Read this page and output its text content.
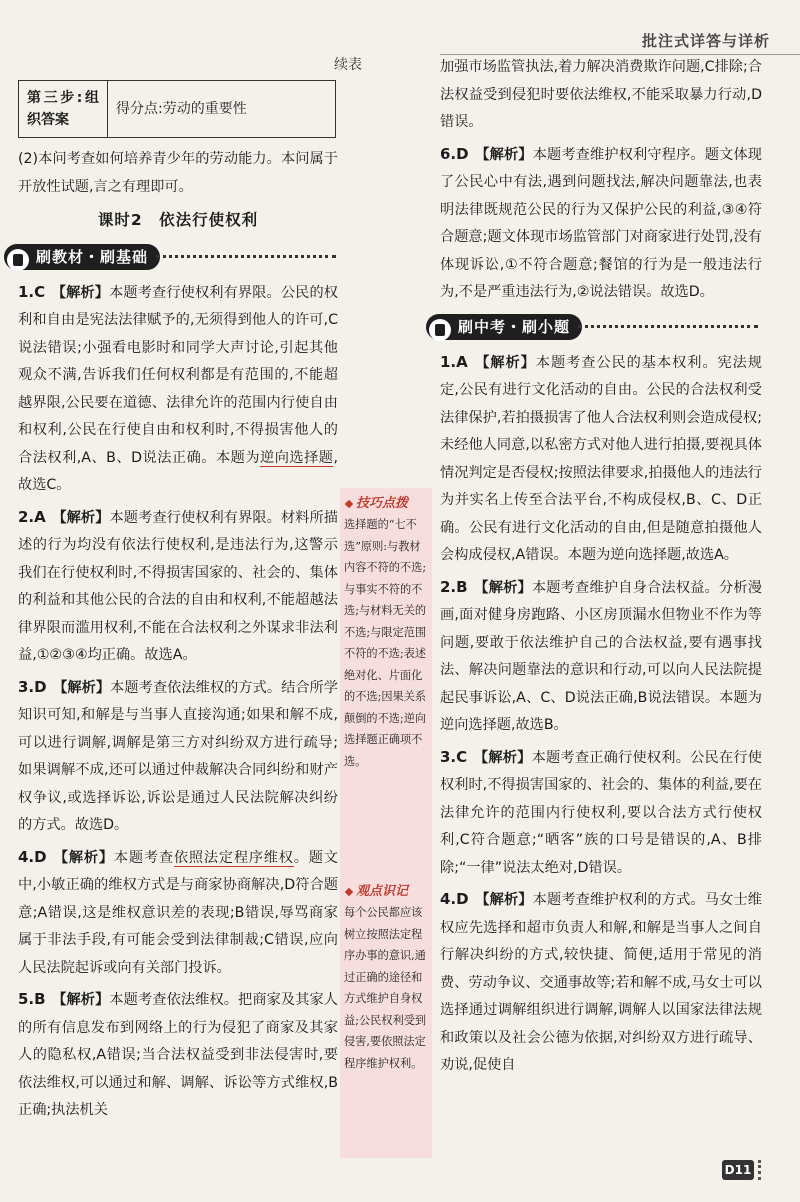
批注式详答与详析
续表
第三步:组织答案	得分点:劳动的重要性
(2)本问考查如何培养青少年的劳动能力。本问属于开放性试题,言之有理即可。
课时2　依法行使权利
刷教材・刷基础
1.C 【解析】本题考查行使权利有界限。公民的权利和自由是宪法法律赋予的,无须得到他人的许可,C说法错误;小强看电影时和同学大声讨论,引起其他观众不满,告诉我们任何权利都是有范围的,不能超越界限,公民要在道德、法律允许的范围内行使自由和权利,公民在行使自由和权利时,不得损害他人的合法权利,A、B、D说法正确。本题为逆向选择题,故选C。
2.A 【解析】本题考查行使权利有界限。材料所描述的行为均没有依法行使权利,是违法行为,这警示我们在行使权利时,不得损害国家的、社会的、集体的利益和其他公民的合法的自由和权利,不能超越法律界限而滥用权利,不能在合法权利之外谋求非法利益,①②③④均正确。故选A。
3.D 【解析】本题考查依法维权的方式。结合所学知识可知,和解是与当事人直接沟通;如果和解不成,可以进行调解,调解是第三方对纠纷双方进行疏导;如果调解不成,还可以通过仲裁解决合同纠纷和财产权争议,或选择诉讼,诉讼是通过人民法院解决纠纷的方式。故选D。
4.D 【解析】本题考查依照法定程序维权。题文中,小敏正确的维权方式是与商家协商解决,D符合题意;A错误,这是维权意识差的表现;B错误,辱骂商家属于非法手段,有可能会受到法律制裁;C错误,应向人民法院起诉或向有关部门投诉。
5.B 【解析】本题考查依法维权。把商家及其家人的所有信息发布到网络上的行为侵犯了商家及其家人的隐私权,A错误;当合法权益受到非法侵害时,要依法维权,可以通过和解、调解、诉讼等方式维权,B正确;执法机关
技巧点拨
选择题的“七不选”原则:与教材内容不符的不选;与事实不符的不选;与材料无关的不选;与限定范围不符的不选;表述绝对化、片面化的不选;因果关系颠倒的不选;逆向选择题正确项不选。
观点识记
每个公民都应该树立按照法定程序办事的意识,通过正确的途径和方式维护自身权益;公民权利受到侵害,要依照法定程序维护权利。
加强市场监管执法,着力解决消费欺诈问题,C排除;合法权益受到侵犯时要依法维权,不能采取暴力行动,D错误。
6.D 【解析】本题考查维护权利守程序。题文体现了公民心中有法,遇到问题找法,解决问题靠法,也表明法律既规范公民的行为又保护公民的利益,③④符合题意;题文体现市场监管部门对商家进行处罚,没有体现诉讼,①不符合题意;餐馆的行为是一般违法行为,不是严重违法行为,②说法错误。故选D。
刷中考・刷小题
1.A 【解析】本题考查公民的基本权利。宪法规定,公民有进行文化活动的自由。公民的合法权利受法律保护,若拍摄损害了他人合法权利则会造成侵权;未经他人同意,以私密方式对他人进行拍摄,要视具体情况判定是否侵权;按照法律要求,拍摄他人的违法行为并实名上传至合法平台,不构成侵权,B、C、D正确。公民有进行文化活动的自由,但是随意拍摄他人会构成侵权,A错误。本题为逆向选择题,故选A。
2.B 【解析】本题考查维护自身合法权益。分析漫画,面对健身房跑路、小区房顶漏水但物业不作为等问题,要敢于依法维护自己的合法权益,要有遇事找法、解决问题靠法的意识和行动,可以向人民法院提起民事诉讼,A、C、D说法正确,B说法错误。本题为逆向选择题,故选B。
3.C 【解析】本题考查正确行使权利。公民在行使权利时,不得损害国家的、社会的、集体的利益,要在法律允许的范围内行使权利,要以合法方式行使权利,C符合题意;“晒客”族的口号是错误的,A、B排除;“一律”说法太绝对,D错误。
4.D 【解析】本题考查维护权利的方式。马女士维权应先选择和超市负责人和解,和解是当事人之间自行解决纠纷的方式,较快捷、简便,适用于常见的消费、劳动争议、交通事故等;若和解不成,马女士可以选择通过调解组织进行调解,调解人以国家法律法规和政策以及社会公德为依据,对纠纷双方进行疏导、劝说,促使自
D11
